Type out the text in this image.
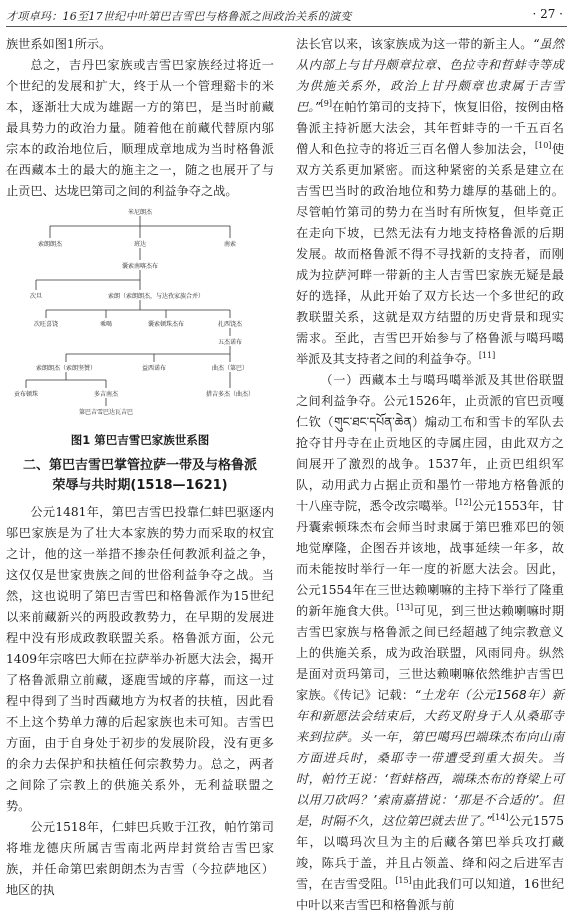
才项卓玛：16至17世纪中叶第巴吉雪巴与格鲁派之间政治关系的演变	· 27 ·

族世系如图1所示。

总之，吉丹巴家族或吉雪巴家族经过将近一个世纪的发展和扩大，终于从一个管理谿卡的米本，逐渐壮大成为雄踞一方的第巴，是当时前藏最具势力的政治力量。随着他在前藏代替原内邬宗本的政治地位后，顺理成章地成为当时格鲁派在西藏本土的最大的施主之一，随之也展开了与止贡巴、达垅巴第司之间的利益争夺之战。

米尼朗杰
索朗朗杰	班达	南索
囊索南喀杰布
次旦	索朗（索朗朗杰，与达孜家族合并）
次旺喜饶	乘喝	囊索顿珠杰布	扎西饶杰
五杰诺布
索朗朗杰（索朗坚赞）	益西诺布	曲杰（第巴）
贡布顿珠	多吉南杰	措吉多杰（曲杰）
第巴吉雪巴达瓦吉巴
图1 第巴吉雪巴家族世系图
二、第巴吉雪巴掌管拉萨一带及与格鲁派
荣辱与共时期(1518—1621)

公元1481年，第巴吉雪巴投靠仁蚌巴驱逐内邬巴家族是为了壮大本家族的势力而采取的权宜之计，他的这一举措不掺杂任何教派利益之争，这仅仅是世家贵族之间的世俗利益争夺之战。当然，这也说明了第巴吉雪巴和格鲁派作为15世纪以来前藏新兴的两股政教势力，在早期的发展进程中没有形成政教联盟关系。格鲁派方面，公元1409年宗喀巴大师在拉萨举办祈愿大法会，揭开了格鲁派鼎立前藏，逐鹿雪域的序幕，而这一过程中得到了当时西藏地方为权者的扶植，因此看不上这个势单力薄的后起家族也未可知。吉雪巴方面，由于自身处于初步的发展阶段，没有更多的余力去保护和扶植任何宗教势力。总之，两者之间除了宗教上的供施关系外，无利益联盟之势。

公元1518年，仁蚌巴兵败于江孜，帕竹第司将堆龙德庆所属吉雪南北两岸封赏给吉雪巴家族，并任命第巴索朗朗杰为吉雪（今拉萨地区）地区的执

法长官以来，该家族成为这一带的新主人。“虽然从内部上与甘丹颇章拉章、色拉寺和哲蚌寺等成为供施关系外，政治上甘丹颇章也隶属于吉雪巴。”[9]在帕竹第司的支持下，恢复旧俗，按例由格鲁派主持祈愿大法会，其年哲蚌寺的一千五百名僧人和色拉寺的将近三百名僧人参加法会，[10]使双方关系更加紧密。而这种紧密的关系是建立在吉雪巴当时的政治地位和势力雄厚的基础上的。尽管帕竹第司的势力在当时有所恢复，但毕竟正在走向下坡，已然无法有力地支持格鲁派的后期发展。故而格鲁派不得不寻找新的支持者，而刚成为拉萨河畔一带新的主人吉雪巴家族无疑是最好的选择，从此开始了双方长达一个多世纪的政教联盟关系，这就是双方结盟的历史背景和现实需求。至此，吉雪巴开始参与了格鲁派与噶玛噶举派及其支持者之间的利益争夺。[11]

（一）西藏本土与噶玛噶举派及其世俗联盟之间利益争夺。公元1526年，止贡派的官巴贡嘎仁钦（གུང་ཐང་དཔོན་ཆེན）煽动工布和雪卡的军队去抢夺甘丹寺在止贡地区的寺属庄园，由此双方之间展开了激烈的战争。1537年，止贡巴组织军队，动用武力占据止贡和墨竹一带地方格鲁派的十八座寺院，悉令改宗噶举。[12]公元1553年，甘丹囊索顿珠杰布会师当时隶属于第巴雅邓巴的领地觉摩隆，企图吞并该地，战事延续一年多，故而未能按时举行一年一度的祈愿大法会。因此，公元1554年在三世达赖喇嘛的主持下举行了隆重的新年施食大供。[13]可见，到三世达赖喇嘛时期吉雪巴家族与格鲁派之间已经超越了纯宗教意义上的供施关系，成为政治联盟，风雨同舟。纵然是面对贡玛第司，三世达赖喇嘛依然维护吉雪巴家族。《传记》记载：“土龙年（公元1568年）新年和新愿法会结束后，大药叉附身于人从桑耶寺来到拉萨。头一年，第巴噶玛巴端珠杰布向山南方面进兵时，桑耶寺一带遭受到重大损失。当时，帕竹王说：‘哲蚌格西，端珠杰布的脊梁上可以用刀砍吗？’索南嘉措说：‘那是不合适的’。但是，时隔不久，这位第巴就去世了。”[14]公元1575年，以噶玛次旦为主的后藏各第巴举兵攻打藏竣，陈兵于盖，并且占领盖、绛和闷之后进军吉雪，在吉雪受阻。[15]由此我们可以知道，16世纪中叶以来吉雪巴和格鲁派与前
